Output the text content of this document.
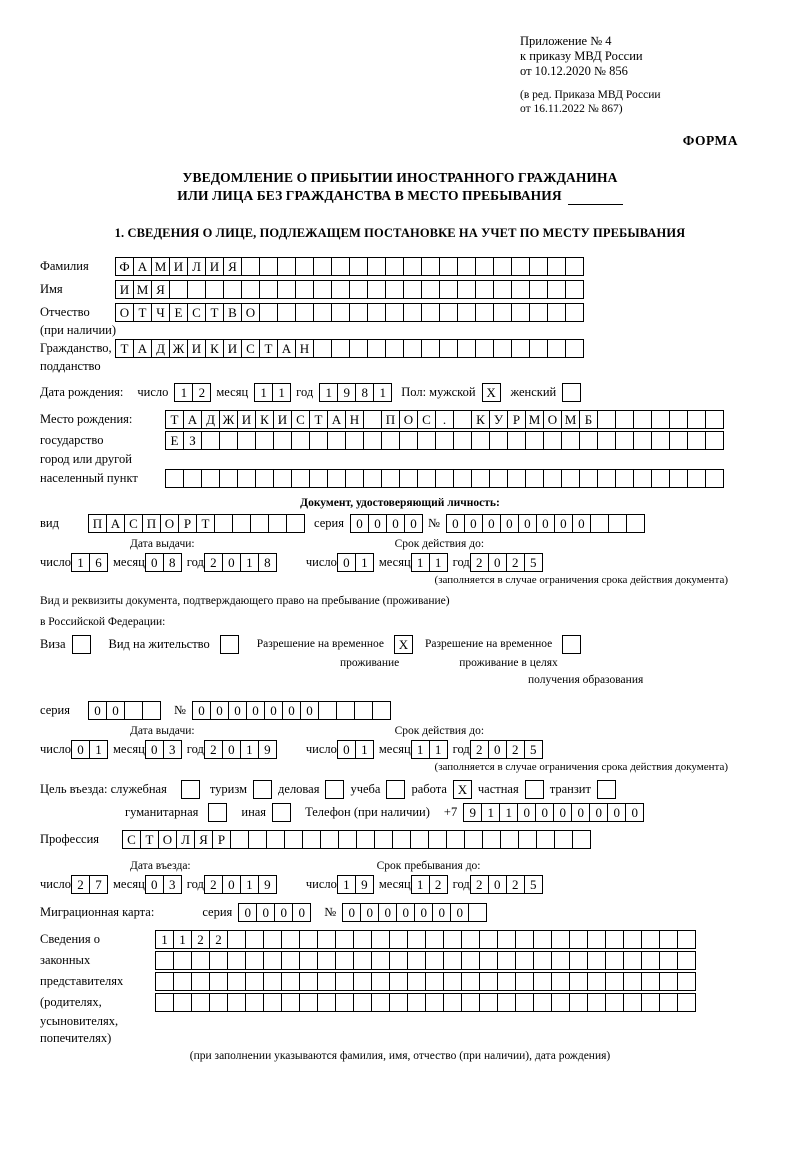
Приложение № 4
к приказу МВД России
от 10.12.2020 № 856
(в ред. Приказа МВД России
от 16.11.2022 № 867)
ФОРМА
УВЕДОМЛЕНИЕ О ПРИБЫТИИ ИНОСТРАННОГО ГРАЖДАНИНА
ИЛИ ЛИЦА БЕЗ ГРАЖДАНСТВА В МЕСТО ПРЕБЫВАНИЯ
1. СВЕДЕНИЯ О ЛИЦЕ, ПОДЛЕЖАЩЕМ ПОСТАНОВКЕ НА УЧЕТ ПО МЕСТУ ПРЕБЫВАНИЯ
Фамилия	Ф А М И Л И Я
Имя	И М Я
Отчество	О Т Ч Е С Т В О
(при наличии)
Гражданство, Т А Д Ж И К И С Т А Н
подданство
Дата рождения: число 1 2 месяц 1 1 год 1 9 8 1	Пол: мужской X	женский
Место рождения:	Т А Д Ж И К И С Т А Н	П О С .	К У Р М О М Б
государство	Е З
город или другой
населенный пункт
Документ, удостоверяющий личность:
вид	П А С П О Р Т	серия 0 0 0 0 № 0 0 0 0 0 0 0 0
Дата выдачи:	Срок действия до:
число 1 6 месяц 0 8 год 2 0 1 8	число 0 1 месяц 1 1 год 2 0 2 5
(заполняется в случае ограничения срока действия документа)
Вид и реквизиты документа, подтверждающего право на пребывание (проживание)
в Российской Федерации:
Виза	Вид на жительство	Разрешение на временное	X	Разрешение на временное
проживание	проживание в целях
получения образования
серия	0 0	№ 0 0 0 0 0 0 0
Дата выдачи:	Срок действия до:
число 0 1 месяц 0 3 год 2 0 1 9	число 0 1 месяц 1 1 год 2 0 2 5
(заполняется в случае ограничения срока действия документа)
Цель въезда: служебная	туризм деловая учеба работа X частная транзит
гуманитарная	иная	Телефон (при наличии) +7 9 1 1 0 0 0 0 0 0 0
Профессия	С Т О Л Я Р
Дата въезда:	Срок пребывания до:
число 2 7 месяц 0 3 год 2 0 1 9	число 1 9 месяц 1 2 год 2 0 2 5
Миграционная карта:	серия 0 0 0 0	№ 0 0 0 0 0 0 0
Сведения о	1 1 2 2
законных
представителях
(родителях,
усыновителях,
попечителях)
(при заполнении указываются фамилия, имя, отчество (при наличии), дата рождения)
